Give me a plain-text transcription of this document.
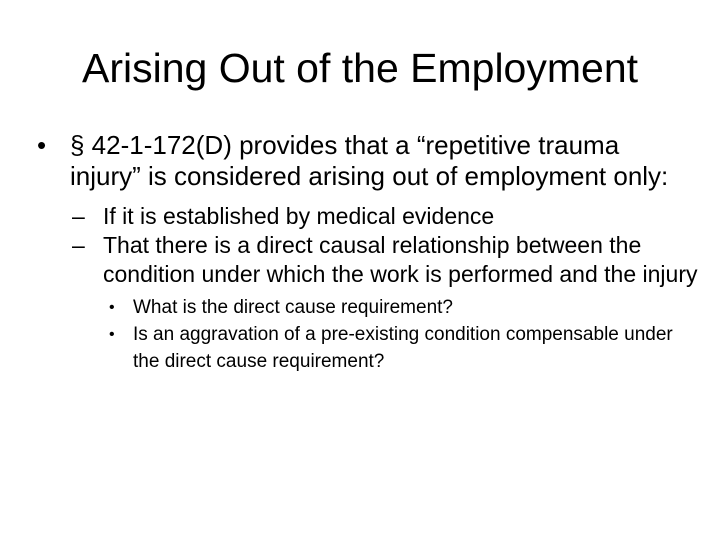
Arising Out of the Employment
• § 42-1-172(D) provides that a “repetitive trauma injury” is considered arising out of employment only:
– If it is established by medical evidence
– That there is a direct causal relationship between the condition under which the work is performed and the injury
• What is the direct cause requirement?
• Is an aggravation of a pre-existing condition compensable under the direct cause requirement?
